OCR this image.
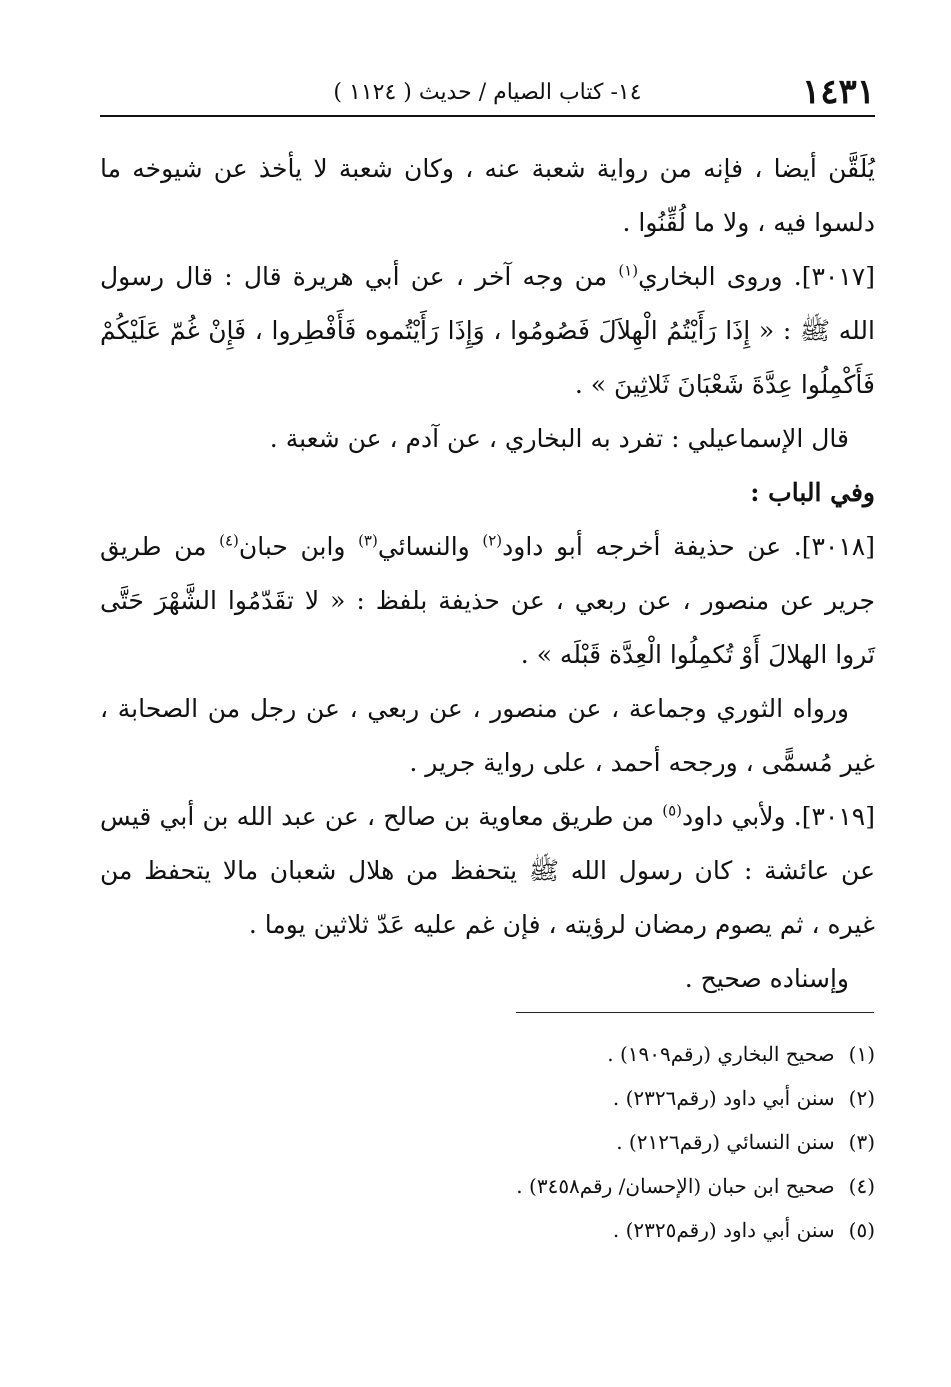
١٤٣١
١٤- كتاب الصيام / حديث ( ١١٢٤ )

يُلَقَّن أيضا ، فإنه من رواية شعبة عنه ، وكان شعبة لا يأخذ عن شيوخه ما دلسوا فيه ، ولا ما لُقِّنُوا .

[٣٠١٧]. وروى البخاري$^{(١)}$ من وجه آخر ، عن أبي هريرة قال : قال رسول الله ﷺ : « إِذَا رَأَيْتُمُ الْهِلاَلَ فَصُومُوا ، وَإِذَا رَأَيْتُموه فَأَفْطِروا ، فَإِنْ غُمّ عَلَيْكُمْ فَأَكْمِلُوا عِدَّةَ شَعْبَانَ ثَلاثِينَ » .

قال الإسماعيلي : تفرد به البخاري ، عن آدم ، عن شعبة .

وفي الباب :

[٣٠١٨]. عن حذيفة أخرجه أبو داود$^{(٢)}$ والنسائي$^{(٣)}$ وابن حبان$^{(٤)}$ من طريق جرير عن منصور ، عن ربعي ، عن حذيفة بلفظ : « لا تقَدّمُوا الشَّهْرَ حَتَّى تَروا الهلالَ أَوْ تُكمِلُوا الْعِدَّة قَبْلَه » .

ورواه الثوري وجماعة ، عن منصور ، عن ربعي ، عن رجل من الصحابة ، غير مُسمًّى ، ورجحه أحمد ، على رواية جرير .

[٣٠١٩]. ولأبي داود$^{(٥)}$ من طريق معاوية بن صالح ، عن عبد الله بن أبي قيس عن عائشة : كان رسول الله ﷺ يتحفظ من هلال شعبان مالا يتحفظ من غيره ، ثم يصوم رمضان لرؤيته ، فإن غم عليه عَدّ ثلاثين يوما .

وإسناده صحيح .

(١)صحيح البخاري (رقم١٩٠٩) .
(٢)سنن أبي داود (رقم٢٣٢٦) .
(٣)سنن النسائي (رقم٢١٢٦) .
(٤)صحيح ابن حبان (الإحسان/ رقم٣٤٥٨) .
(٥)سنن أبي داود (رقم٢٣٢٥) .
